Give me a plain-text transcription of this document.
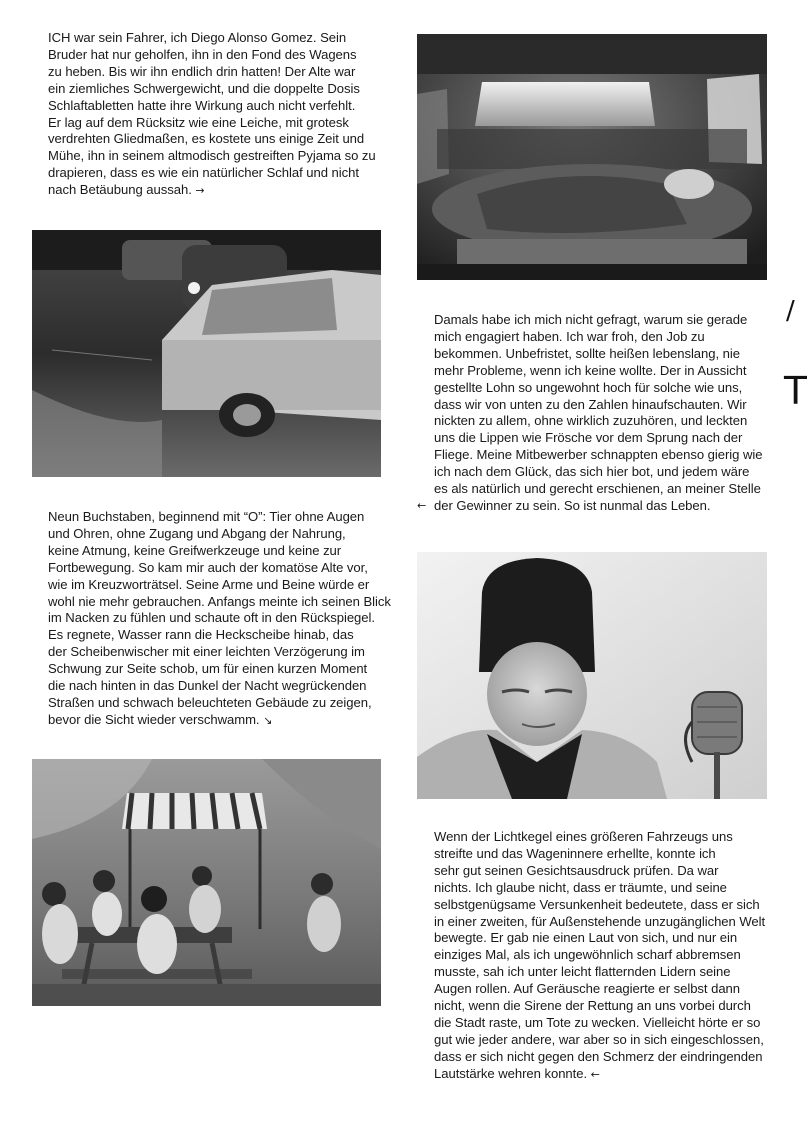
ICH war sein Fahrer, ich Diego Alonso Gomez. Sein

Bruder hat nur geholfen, ihn in den Fond des Wagens

zu heben. Bis wir ihn endlich drin hatten! Der Alte war

ein ziemliches Schwergewicht, und die doppelte Dosis

Schlaftabletten hatte ihre Wirkung auch nicht verfehlt.

Er lag auf dem Rücksitz wie eine Leiche, mit grotesk

verdrehten Gliedmaßen, es kostete uns einige Zeit und

Mühe, ihn in seinem altmodisch gestreiften Pyjama so zu

drapieren, dass es wie ein natürlicher Schlaf und nicht

nach Betäubung aussah. →

Damals habe ich mich nicht gefragt, warum sie gerade

mich engagiert haben. Ich war froh, den Job zu

bekommen. Unbefristet, sollte heißen lebenslang, nie

mehr Probleme, wenn ich keine wollte. Der in Aussicht

gestellte Lohn so ungewohnt hoch für solche wie uns,

dass wir von unten zu den Zahlen hinaufschauten. Wir

nickten zu allem, ohne wirklich zuzuhören, und leckten

uns die Lippen wie Frösche vor dem Sprung nach der

Fliege. Meine Mitbewerber schnappten ebenso gierig wie

ich nach dem Glück, das sich hier bot, und jedem wäre

es als natürlich und gerecht erschienen, an meiner Stelle

der Gewinner zu sein. So ist nunmal das Leben.

←
/
T

Neun Buchstaben, beginnend mit “O”: Tier ohne Augen

und Ohren, ohne Zugang und Abgang der Nahrung,

keine Atmung, keine Greifwerkzeuge und keine zur

Fortbewegung. So kam mir auch der komatöse Alte vor,

wie im Kreuzworträtsel. Seine Arme und Beine würde er

wohl nie mehr gebrauchen. Anfangs meinte ich seinen Blick

im Nacken zu fühlen und schaute oft in den Rückspiegel.

Es regnete, Wasser rann die Heckscheibe hinab, das

der Scheibenwischer mit einer leichten Verzögerung im

Schwung zur Seite schob, um für einen kurzen Moment

die nach hinten in das Dunkel der Nacht wegrückenden

Straßen und schwach beleuchteten Gebäude zu zeigen,

bevor die Sicht wieder verschwamm. ↘

Wenn der Lichtkegel eines größeren Fahrzeugs uns

streifte und das Wageninnere erhellte, konnte ich

sehr gut seinen Gesichtsausdruck prüfen. Da war

nichts. Ich glaube nicht, dass er träumte, und seine

selbstgenügsame Versunkenheit bedeutete, dass er sich

in einer zweiten, für Außenstehende unzugänglichen Welt

bewegte. Er gab nie einen Laut von sich, und nur ein

einziges Mal, als ich ungewöhnlich scharf abbremsen

musste, sah ich unter leicht flatternden Lidern seine

Augen rollen. Auf Geräusche reagierte er selbst dann

nicht, wenn die Sirene der Rettung an uns vorbei durch

die Stadt raste, um Tote zu wecken. Vielleicht hörte er so

gut wie jeder andere, war aber so in sich eingeschlossen,

dass er sich nicht gegen den Schmerz der eindringenden

Lautstärke wehren konnte. ←
